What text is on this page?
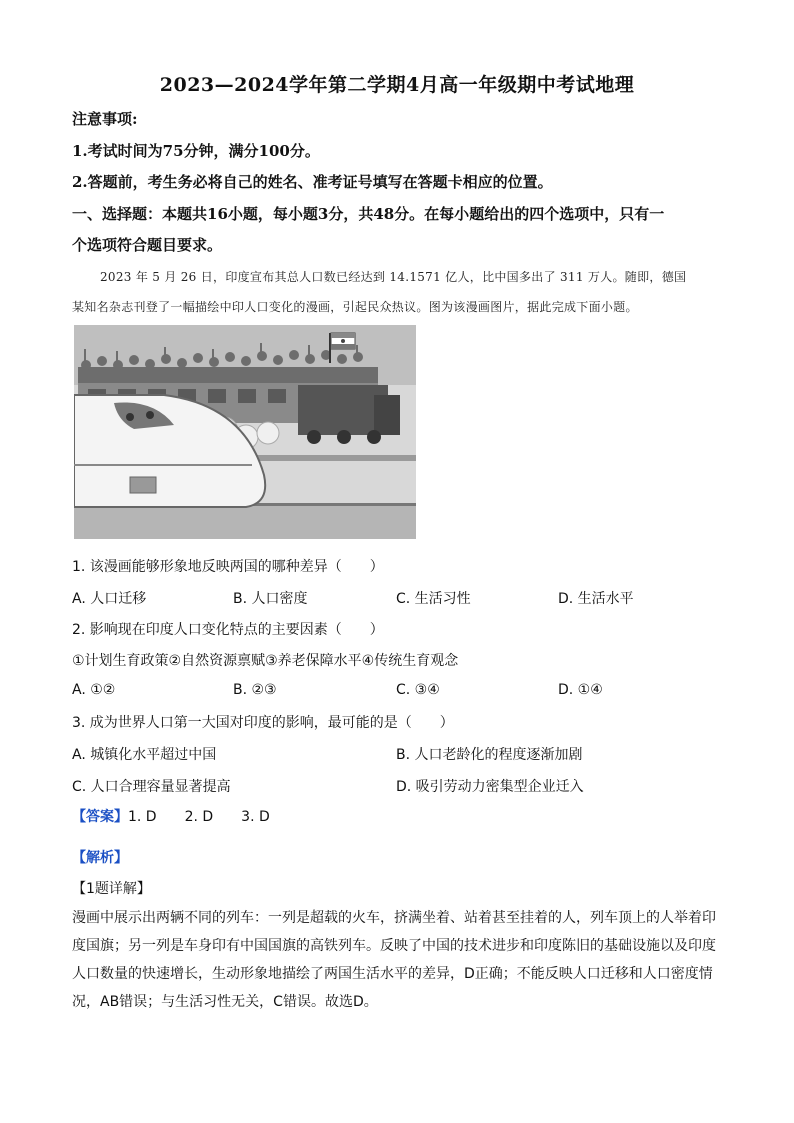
2023—2024学年第二学期4月高一年级期中考试地理
注意事项:
1.考试时间为75分钟，满分100分。
2.答题前，考生务必将自己的姓名、准考证号填写在答题卡相应的位置。
一、选择题：本题共16小题，每小题3分，共48分。在每小题给出的四个选项中，只有一
个选项符合题目要求。
2023 年 5 月 26 日，印度宣布其总人口数已经达到 14.1571 亿人，比中国多出了 311 万人。随即，德国
某知名杂志刊登了一幅描绘中印人口变化的漫画，引起民众热议。图为该漫画图片，据此完成下面小题。
1. 该漫画能够形象地反映两国的哪种差异（　　）
A. 人口迁移	B. 人口密度	C. 生活习性	D. 生活水平
2. 影响现在印度人口变化特点的主要因素（　　）
①计划生育政策②自然资源禀赋③养老保障水平④传统生育观念
A. ①②	B. ②③	C. ③④	D. ①④
3. 成为世界人口第一大国对印度的影响，最可能的是（　　）
A. 城镇化水平超过中国	B. 人口老龄化的程度逐渐加剧
C. 人口合理容量显著提高	D. 吸引劳动力密集型企业迁入
【答案】1. D　　2. D　　3. D
【解析】
【1题详解】
漫画中展示出两辆不同的列车：一列是超载的火车，挤满坐着、站着甚至挂着的人，列车顶上的人举着印
度国旗；另一列是车身印有中国国旗的高铁列车。反映了中国的技术进步和印度陈旧的基础设施以及印度
人口数量的快速增长，生动形象地描绘了两国生活水平的差异，D正确；不能反映人口迁移和人口密度情
况，AB错误；与生活习性无关，C错误。故选D。
